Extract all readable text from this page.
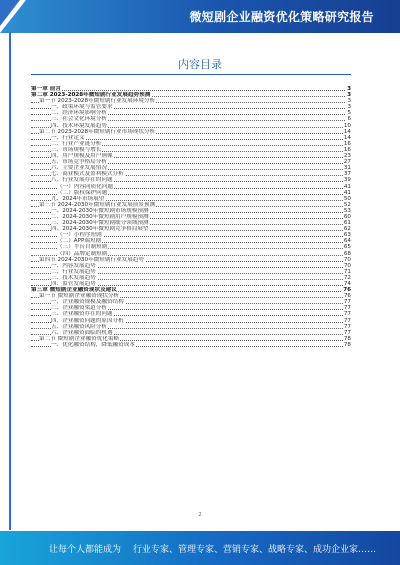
微短剧企业融资优化策略研究报告
内容目录
第一章 前言	3
第二章 2023-2028年微短剧行业发展趋势预测	3
第一节 2023-2028年微短剧行业发展环境分析	3
一、政策环境与监管要求	3
二、经济环境影响分析	5
三、社会文化环境分析	6
四、技术环境发展趋势	10
第二节 2023-2028年微短剧行业市场现状分析	14
一、行业定义	14
二、行业产业链分析	16
三、市场规模与增长	16
四、用户规模及用户画像	23
五、市场竞争格局分析	27
六、主要企业发展情况	31
七、商业模式及盈利模式分析	37
八、行业发展存在的问题	39
（一）内容同质化问题	41
（二）版权保护问题	41
九、2024年市场展望	50
第三节 2024-2030年微短剧行业发展前景预测	52
一、2024-2030年微短剧市场规模预测	53
二、2024-2030年微短剧用户规模预测	60
三、2024-2030年微短剧细分领域预测	61
四、2024-2030年微短剧竞争格局展望	62
（一）小程序短剧	63
（二）APP端短剧	64
（三）平台自制短剧	65
（四）品牌定制短剧	68
第四节 2024-2030年微短剧行业发展趋势	70
一、内容发展趋势	70
二、行业发展趋势	71
三、技术发展趋势	72
四、监管发展趋势	74
第三章 微短剧企业融资现状及建议	76
第一节 微短剧企业融资现状分析	76
一、企业融资规模及融资结构	77
二、企业融资渠道分析	77
三、企业融资存在的问题	77
四、企业融资问题的原因分析	77
五、企业融资风险分析	77
六、企业融资面临的机遇	77
第二节 微短剧企业融资优化策略	78
一、优化融资结构，降低融资成本	78
2
让每个人都能成为 行业专家、管理专家、营销专家、战略专家、成功企业家……
